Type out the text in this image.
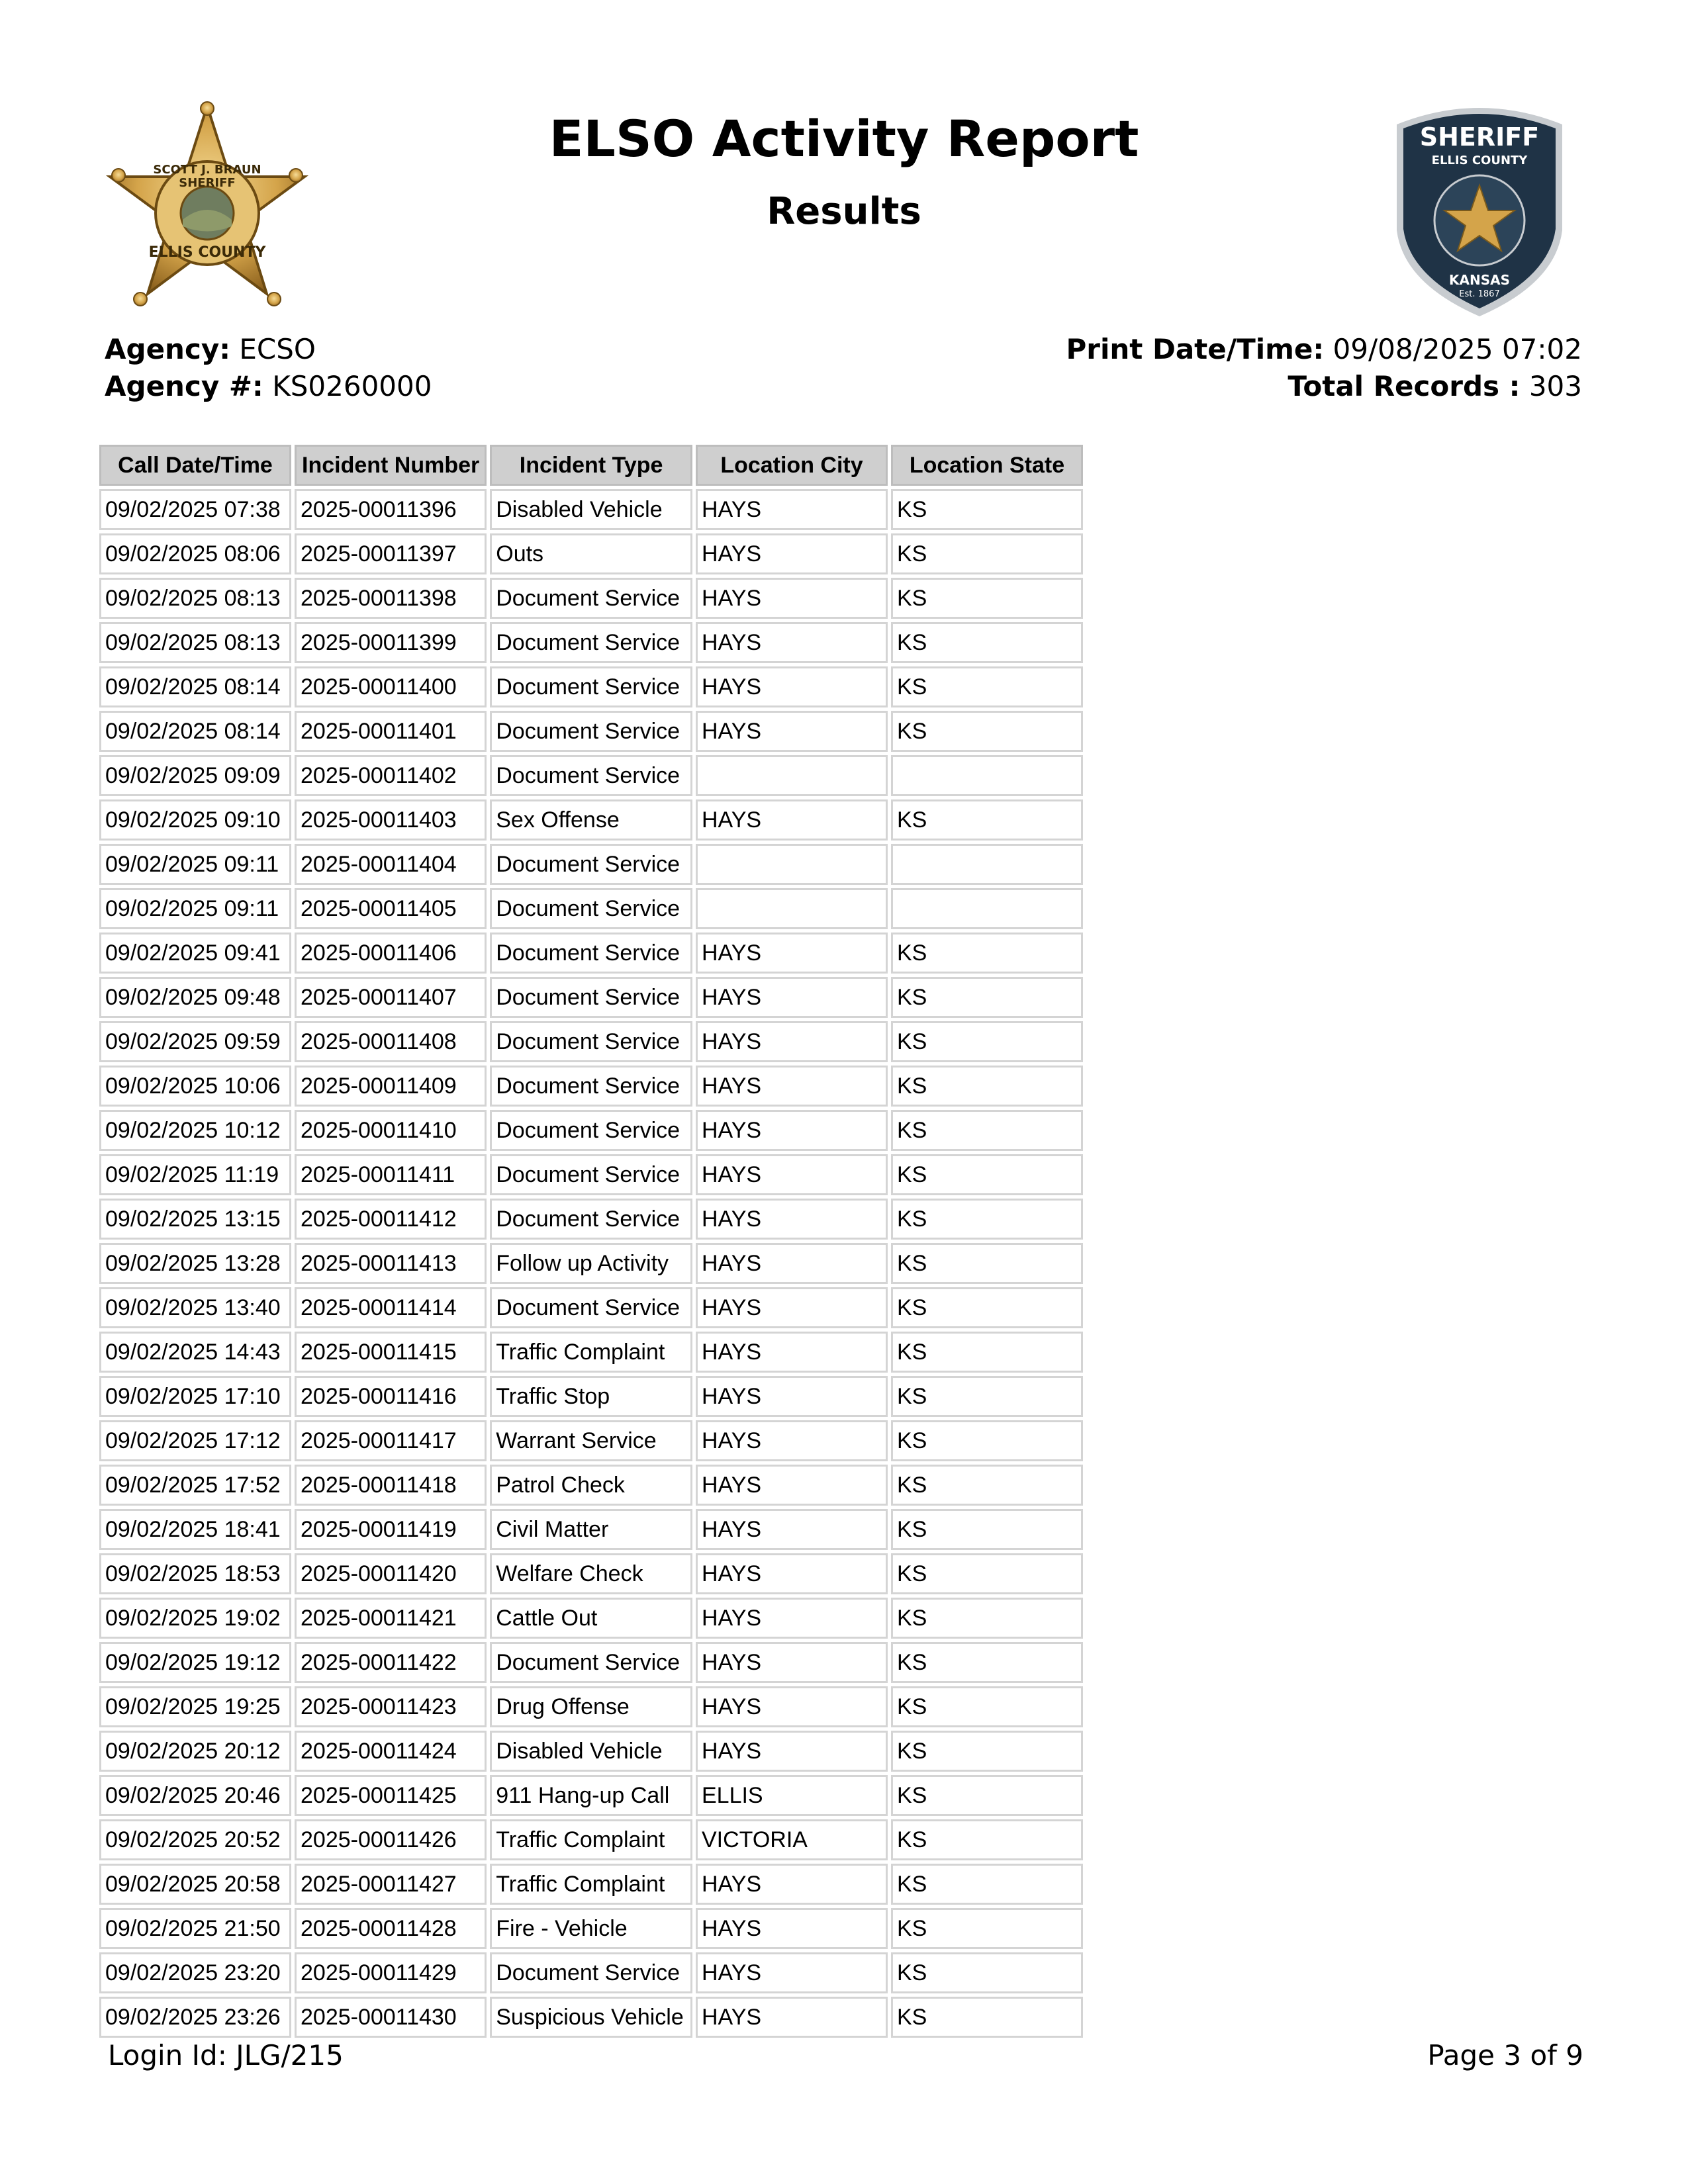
SCOTT J. BRAUN
SHERIFF
ELLIS COUNTY
ELSO Activity Report
Results
SHERIFF
ELLIS COUNTY
KANSAS
Est. 1867
Agency: ECSO
Agency #: KS0260000
Print Date/Time: 09/08/2025 07:02
Total Records : 303
Call Date/Time	Incident Number	Incident Type	Location City	Location State
09/02/2025 07:38	2025-00011396	Disabled Vehicle	HAYS	KS
09/02/2025 08:06	2025-00011397	Outs	HAYS	KS
09/02/2025 08:13	2025-00011398	Document Service	HAYS	KS
09/02/2025 08:13	2025-00011399	Document Service	HAYS	KS
09/02/2025 08:14	2025-00011400	Document Service	HAYS	KS
09/02/2025 08:14	2025-00011401	Document Service	HAYS	KS
09/02/2025 09:09	2025-00011402	Document Service		
09/02/2025 09:10	2025-00011403	Sex Offense	HAYS	KS
09/02/2025 09:11	2025-00011404	Document Service		
09/02/2025 09:11	2025-00011405	Document Service		
09/02/2025 09:41	2025-00011406	Document Service	HAYS	KS
09/02/2025 09:48	2025-00011407	Document Service	HAYS	KS
09/02/2025 09:59	2025-00011408	Document Service	HAYS	KS
09/02/2025 10:06	2025-00011409	Document Service	HAYS	KS
09/02/2025 10:12	2025-00011410	Document Service	HAYS	KS
09/02/2025 11:19	2025-00011411	Document Service	HAYS	KS
09/02/2025 13:15	2025-00011412	Document Service	HAYS	KS
09/02/2025 13:28	2025-00011413	Follow up Activity	HAYS	KS
09/02/2025 13:40	2025-00011414	Document Service	HAYS	KS
09/02/2025 14:43	2025-00011415	Traffic Complaint	HAYS	KS
09/02/2025 17:10	2025-00011416	Traffic Stop	HAYS	KS
09/02/2025 17:12	2025-00011417	Warrant Service	HAYS	KS
09/02/2025 17:52	2025-00011418	Patrol Check	HAYS	KS
09/02/2025 18:41	2025-00011419	Civil Matter	HAYS	KS
09/02/2025 18:53	2025-00011420	Welfare Check	HAYS	KS
09/02/2025 19:02	2025-00011421	Cattle Out	HAYS	KS
09/02/2025 19:12	2025-00011422	Document Service	HAYS	KS
09/02/2025 19:25	2025-00011423	Drug Offense	HAYS	KS
09/02/2025 20:12	2025-00011424	Disabled Vehicle	HAYS	KS
09/02/2025 20:46	2025-00011425	911 Hang-up Call	ELLIS	KS
09/02/2025 20:52	2025-00011426	Traffic Complaint	VICTORIA	KS
09/02/2025 20:58	2025-00011427	Traffic Complaint	HAYS	KS
09/02/2025 21:50	2025-00011428	Fire - Vehicle	HAYS	KS
09/02/2025 23:20	2025-00011429	Document Service	HAYS	KS
09/02/2025 23:26	2025-00011430	Suspicious Vehicle	HAYS	KS
Login Id: JLG/215	Page 3 of 9
